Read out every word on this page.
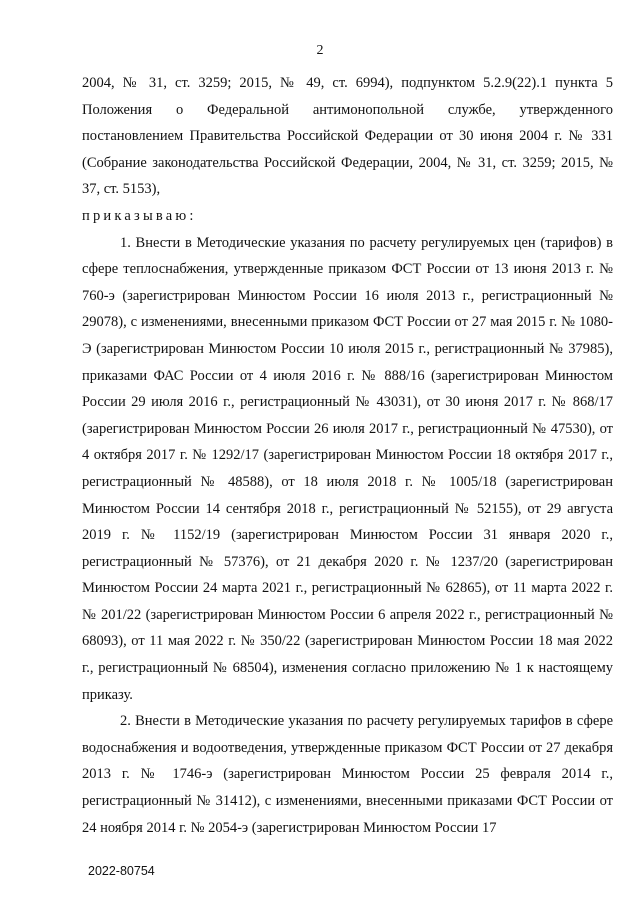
2

2004, № 31, ст. 3259; 2015, № 49, ст. 6994), подпунктом 5.2.9(22).1 пункта 5 Положения о Федеральной антимонопольной службе, утвержденного постановлением Правительства Российской Федерации от 30 июня 2004 г. № 331 (Собрание законодательства Российской Федерации, 2004, № 31, ст. 3259; 2015, № 37, ст. 5153),

приказываю:

1. Внести в Методические указания по расчету регулируемых цен (тарифов) в сфере теплоснабжения, утвержденные приказом ФСТ России от 13 июня 2013 г. № 760-э (зарегистрирован Минюстом России 16 июля 2013 г., регистрационный № 29078), с изменениями, внесенными приказом ФСТ России от 27 мая 2015 г. № 1080-Э (зарегистрирован Минюстом России 10 июля 2015 г., регистрационный № 37985), приказами ФАС России от 4 июля 2016 г. № 888/16 (зарегистрирован Минюстом России 29 июля 2016 г., регистрационный № 43031), от 30 июня 2017 г. № 868/17 (зарегистрирован Минюстом России 26 июля 2017 г., регистрационный № 47530), от 4 октября 2017 г. № 1292/17 (зарегистрирован Минюстом России 18 октября 2017 г., регистрационный № 48588), от 18 июля 2018 г. № 1005/18 (зарегистрирован Минюстом России 14 сентября 2018 г., регистрационный № 52155), от 29 августа 2019 г. № 1152/19 (зарегистрирован Минюстом России 31 января 2020 г., регистрационный № 57376), от 21 декабря 2020 г. № 1237/20 (зарегистрирован Минюстом России 24 марта 2021 г., регистрационный № 62865), от 11 марта 2022 г. № 201/22 (зарегистрирован Минюстом России 6 апреля 2022 г., регистрационный № 68093), от 11 мая 2022 г. № 350/22 (зарегистрирован Минюстом России 18 мая 2022 г., регистрационный № 68504), изменения согласно приложению № 1 к настоящему приказу.

2. Внести в Методические указания по расчету регулируемых тарифов в сфере водоснабжения и водоотведения, утвержденные приказом ФСТ России от 27 декабря 2013 г. № 1746-э (зарегистрирован Минюстом России 25 февраля 2014 г., регистрационный № 31412), с изменениями, внесенными приказами ФСТ России от 24 ноября 2014 г. № 2054-э (зарегистрирован Минюстом России 17

2022-80754
